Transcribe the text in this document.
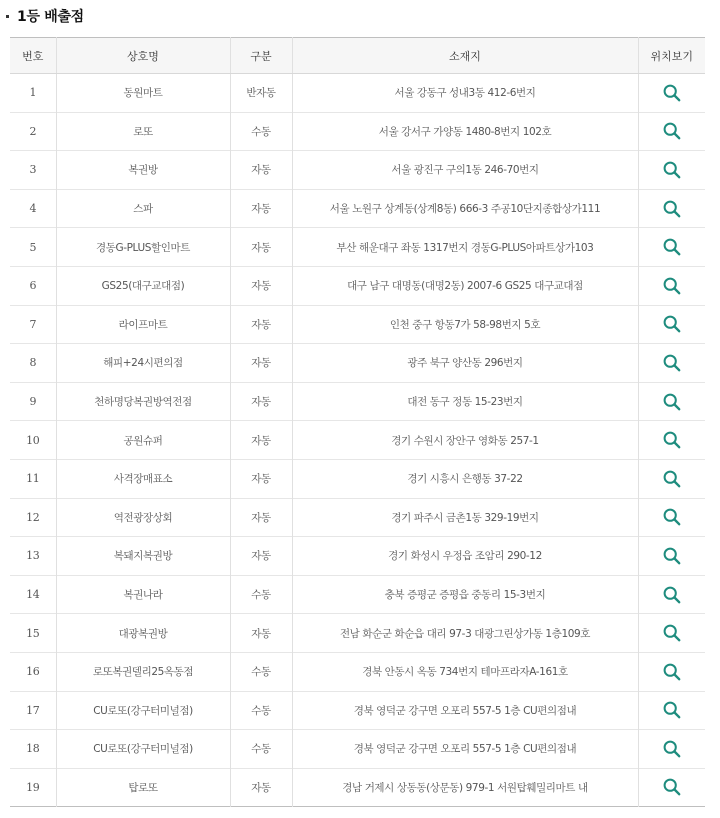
1등 배출점
번호	상호명	구분	소재지	위치보기
1	동원마트	반자동	서울 강동구 성내3동 412-6번지	

2	로또	수동	서울 강서구 가양동 1480-8번지 102호	

3	복권방	자동	서울 광진구 구의1동 246-70번지	

4	스파	자동	서울 노원구 상계동(상계8동) 666-3 주공10단지종합상가111	

5	경동G-PLUS할인마트	자동	부산 해운대구 좌동 1317번지 경동G-PLUS아파트상가103	

6	GS25(대구교대점)	자동	대구 남구 대명동(대명2동) 2007-6 GS25 대구교대점	

7	라이프마트	자동	인천 중구 항동7가 58-98번지 5호	

8	해피+24시편의점	자동	광주 북구 양산동 296번지	

9	천하명당복권방역전점	자동	대전 동구 정동 15-23번지	

10	공원슈퍼	자동	경기 수원시 장안구 영화동 257-1	

11	사격장매표소	자동	경기 시흥시 은행동 37-22	

12	역전광장상회	자동	경기 파주시 금촌1동 329-19번지	

13	복돼지복권방	자동	경기 화성시 우정읍 조암리 290-12	

14	복권나라	수동	충북 증평군 증평읍 중동리 15-3번지	

15	대광복권방	자동	전남 화순군 화순읍 대리 97-3 대광그린상가동 1층109호	

16	로또복권델리25옥동점	수동	경북 안동시 옥동 734번지 테마프라자A-161호	

17	CU로또(강구터미널점)	수동	경북 영덕군 강구면 오포리 557-5 1층 CU편의점내	

18	CU로또(강구터미널점)	수동	경북 영덕군 강구면 오포리 557-5 1층 CU편의점내	

19	탑로또	자동	경남 거제시 상동동(상문동) 979-1 서원탑훼밀리마트 내	
